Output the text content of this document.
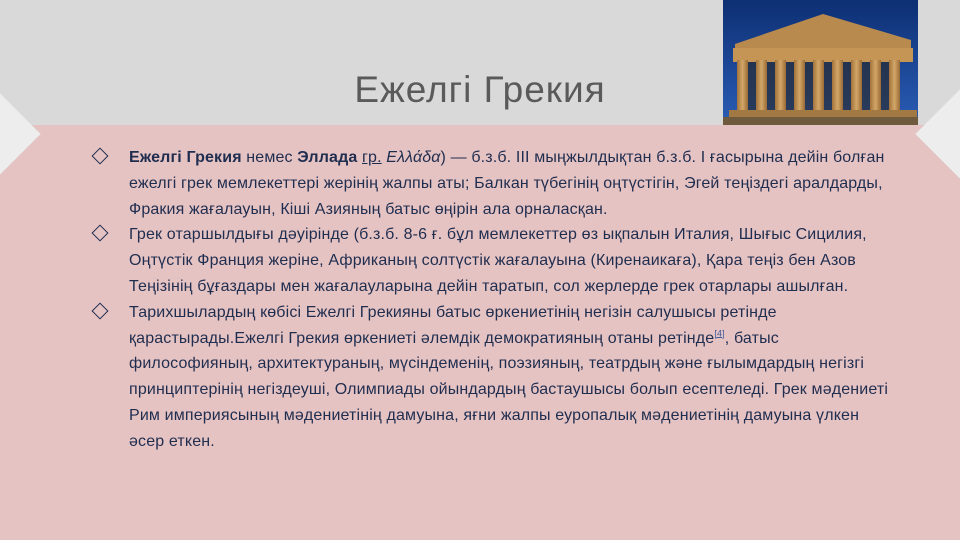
Ежелгі Грекия
Ежелгі Грекия немес Эллада гр. Ελλάδα) — б.з.б. ІІІ мыңжылдықтан б.з.б. І ғасырына дейін болған ежелгі грек мемлекеттері жерінің жалпы аты; Балкан түбегінің оңтүстігін, Эгей теңіздегі аралдарды, Фракия жағалауын, Кіші Азияның батыс өңірін ала орналасқан.
Грек отаршылдығы дәуірінде (б.з.б. 8-6 ғ. бұл мемлекеттер өз ықпалын Италия, Шығыс Сицилия, Оңтүстік Франция жеріне, Африканың солтүстік жағалауына (Киренаикаға), Қара теңіз бен Азов Теңізінің бұғаздары мен жағалауларына дейін таратып, сол жерлерде грек отарлары ашылған.
Тарихшылардың көбісі Ежелгі Грекияны батыс өркениетінің негізін салушысы ретінде қарастырады.Ежелгі Грекия өркениеті әлемдік демократияның отаны ретінде[4], батыс философияның, архитектураның, мүсіндеменің, поэзияның, театрдың және ғылымдардың негізгі принциптерінің негіздеуші, Олимпиады ойындардың бастаушысы болып есептеледі. Грек мәдениеті Рим империясының мәдениетінің дамуына, яғни жалпы еуропалық мәдениетінің дамуына үлкен әсер еткен.
